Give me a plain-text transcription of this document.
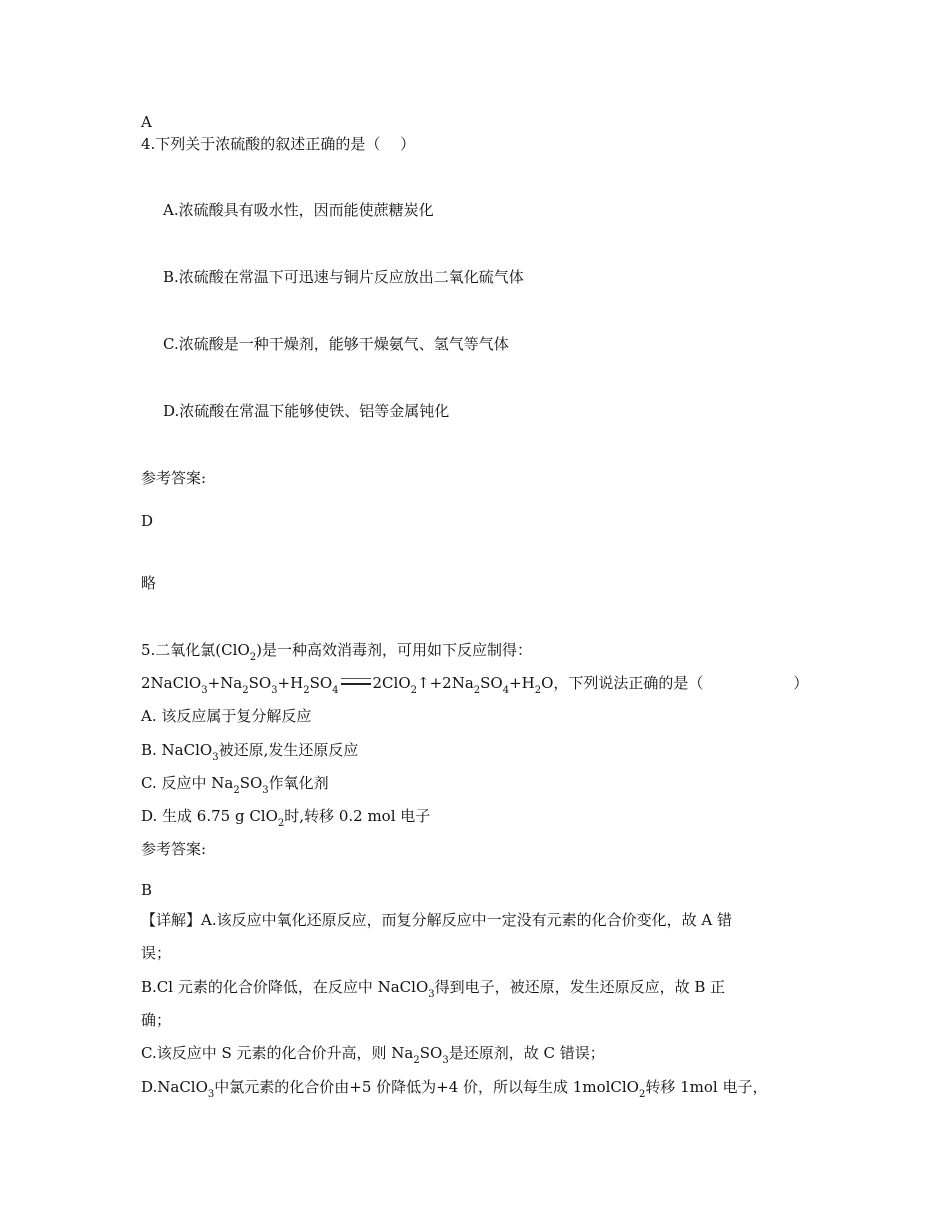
A
4.下列关于浓硫酸的叙述正确的是（　 ）
A.浓硫酸具有吸水性，因而能使蔗糖炭化
B.浓硫酸在常温下可迅速与铜片反应放出二氧化硫气体
C.浓硫酸是一种干燥剂，能够干燥氨气、氢气等气体
D.浓硫酸在常温下能够使铁、铝等金属钝化
参考答案:
D
略
5.二氧化氯(ClO$_2$)是一种高效消毒剂，可用如下反应制得：
$2NaClO_3+Na_2SO_3+H_2SO_4$ $2ClO_2↑+2Na_2SO_4+H_2O$，下列说法正确的是（　　　　　　）
A. 该反应属于复分解反应
B. NaClO$_3$被还原,发生还原反应
C. 反应中 $Na_2SO_3$作氧化剂
D. 生成 6.75 g ClO$_2$时,转移 0.2 mol 电子
参考答案:
B
【详解】A.该反应中氧化还原反应，而复分解反应中一定没有元素的化合价变化，故 A 错
误；
B.Cl 元素的化合价降低，在反应中 NaClO$_3$得到电子，被还原，发生还原反应，故 B 正
确；
C.该反应中 S 元素的化合价升高，则 $Na_2SO_3$是还原剂，故 C 错误；
D.NaClO$_3$中氯元素的化合价由+5 价降低为+4 价，所以每生成 1molClO$_2$转移 1mol 电子，
